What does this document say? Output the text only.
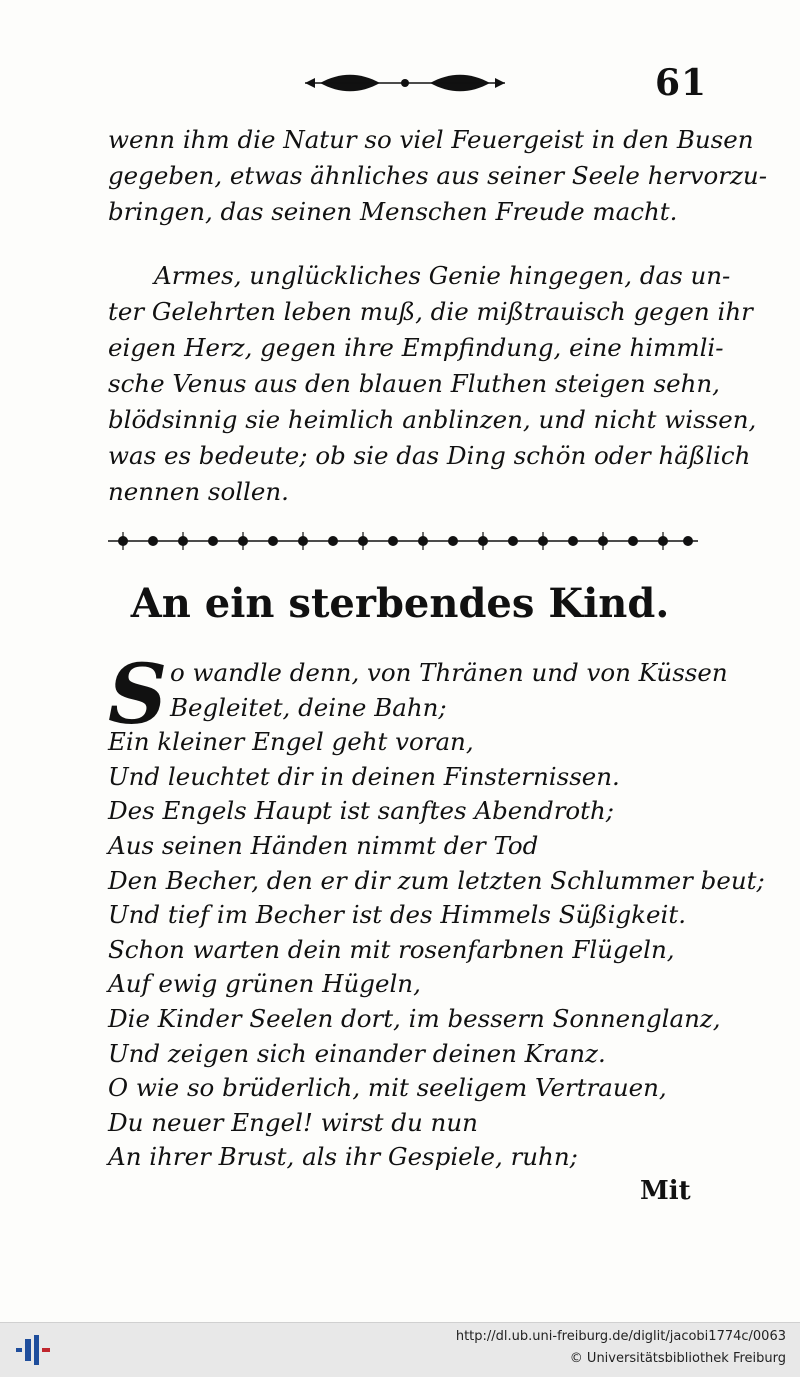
61
wenn ihm die Natur so viel Feuergeist in den Busen
gegeben, etwas ähnliches aus seiner Seele hervorzu-
bringen, das seinen Menschen Freude macht.
Armes, unglückliches Genie hingegen, das un-
ter Gelehrten leben muß, die mißtrauisch gegen ihr
eigen Herz, gegen ihre Empfindung, eine himmli-
sche Venus aus den blauen Fluthen steigen sehn,
blödsinnig sie heimlich anblinzen, und nicht wissen,
was es bedeute; ob sie das Ding schön oder häßlich
nennen sollen.
An ein sterbendes Kind.
S o wandle denn, von Thränen und von Küssen
Begleitet, deine Bahn;
Ein kleiner Engel geht voran,
Und leuchtet dir in deinen Finsternissen.
Des Engels Haupt ist sanftes Abendroth;
Aus seinen Händen nimmt der Tod
Den Becher, den er dir zum letzten Schlummer beut;
Und tief im Becher ist des Himmels Süßigkeit.
Schon warten dein mit rosenfarbnen Flügeln,
Auf ewig grünen Hügeln,
Die Kinder Seelen dort, im bessern Sonnenglanz,
Und zeigen sich einander deinen Kranz.
O wie so brüderlich, mit seeligem Vertrauen,
Du neuer Engel! wirst du nun
An ihrer Brust, als ihr Gespiele, ruhn;
Mit
http://dl.ub.uni-freiburg.de/diglit/jacobi1774c/0063
© Universitätsbibliothek Freiburg
